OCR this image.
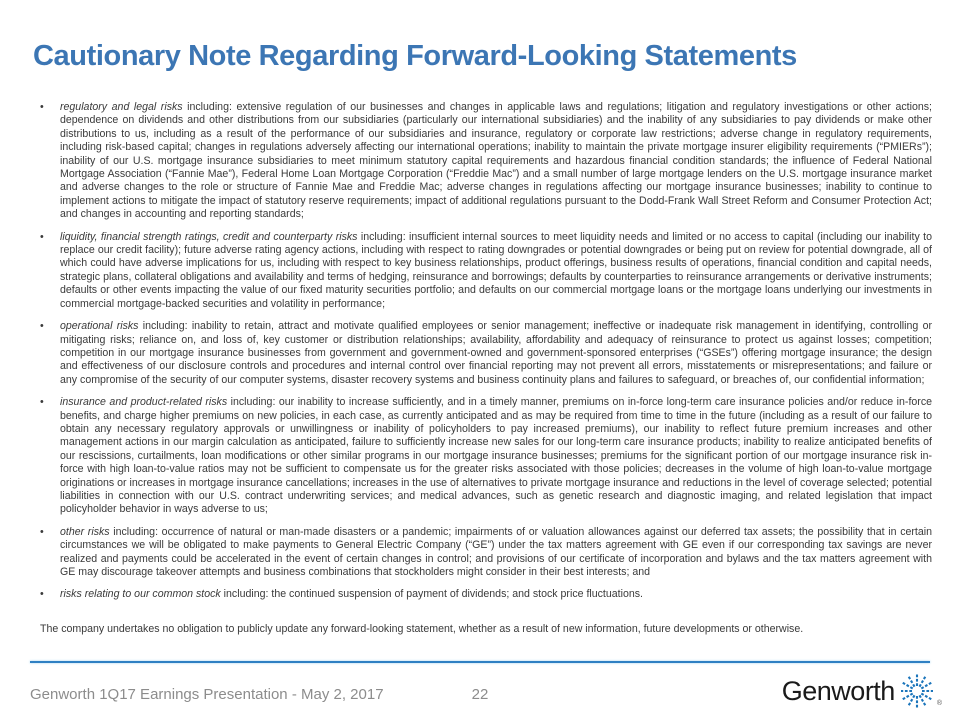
Cautionary Note Regarding Forward-Looking Statements
•	regulatory and legal risks including: extensive regulation of our businesses and changes in applicable laws and regulations; litigation and regulatory investigations or other actions; dependence on dividends and other distributions from our subsidiaries (particularly our international subsidiaries) and the inability of any subsidiaries to pay dividends or make other distributions to us, including as a result of the performance of our subsidiaries and insurance, regulatory or corporate law restrictions; adverse change in regulatory requirements, including risk-based capital; changes in regulations adversely affecting our international operations; inability to maintain the private mortgage insurer eligibility requirements (“PMIERs”); inability of our U.S. mortgage insurance subsidiaries to meet minimum statutory capital requirements and hazardous financial condition standards; the influence of Federal National Mortgage Association (“Fannie Mae”), Federal Home Loan Mortgage Corporation (“Freddie Mac”) and a small number of large mortgage lenders on the U.S. mortgage insurance market and adverse changes to the role or structure of Fannie Mae and Freddie Mac; adverse changes in regulations affecting our mortgage insurance businesses; inability to continue to implement actions to mitigate the impact of statutory reserve requirements; impact of additional regulations pursuant to the Dodd-Frank Wall Street Reform and Consumer Protection Act; and changes in accounting and reporting standards;

•	liquidity, financial strength ratings, credit and counterparty risks including: insufficient internal sources to meet liquidity needs and limited or no access to capital (including our inability to replace our credit facility); future adverse rating agency actions, including with respect to rating downgrades or potential downgrades or being put on review for potential downgrade, all of which could have adverse implications for us, including with respect to key business relationships, product offerings, business results of operations, financial condition and capital needs, strategic plans, collateral obligations and availability and terms of hedging, reinsurance and borrowings; defaults by counterparties to reinsurance arrangements or derivative instruments; defaults or other events impacting the value of our fixed maturity securities portfolio; and defaults on our commercial mortgage loans or the mortgage loans underlying our investments in commercial mortgage-backed securities and volatility in performance;

•	operational risks including: inability to retain, attract and motivate qualified employees or senior management; ineffective or inadequate risk management in identifying, controlling or mitigating risks; reliance on, and loss of, key customer or distribution relationships; availability, affordability and adequacy of reinsurance to protect us against losses; competition; competition in our mortgage insurance businesses from government and government-owned and government-sponsored enterprises (“GSEs”) offering mortgage insurance; the design and effectiveness of our disclosure controls and procedures and internal control over financial reporting may not prevent all errors, misstatements or misrepresentations; and failure or any compromise of the security of our computer systems, disaster recovery systems and business continuity plans and failures to safeguard, or breaches of, our confidential information;

•	insurance and product-related risks including: our inability to increase sufficiently, and in a timely manner, premiums on in-force long-term care insurance policies and/or reduce in-force benefits, and charge higher premiums on new policies, in each case, as currently anticipated and as may be required from time to time in the future (including as a result of our failure to obtain any necessary regulatory approvals or unwillingness or inability of policyholders to pay increased premiums), our inability to reflect future premium increases and other management actions in our margin calculation as anticipated, failure to sufficiently increase new sales for our long-term care insurance products; inability to realize anticipated benefits of our rescissions, curtailments, loan modifications or other similar programs in our mortgage insurance businesses; premiums for the significant portion of our mortgage insurance risk in-force with high loan-to-value ratios may not be sufficient to compensate us for the greater risks associated with those policies; decreases in the volume of high loan-to-value mortgage originations or increases in mortgage insurance cancellations; increases in the use of alternatives to private mortgage insurance and reductions in the level of coverage selected; potential liabilities in connection with our U.S. contract underwriting services; and medical advances, such as genetic research and diagnostic imaging, and related legislation that impact policyholder behavior in ways adverse to us;

•	other risks including: occurrence of natural or man-made disasters or a pandemic; impairments of or valuation allowances against our deferred tax assets; the possibility that in certain circumstances we will be obligated to make payments to General Electric Company (“GE”) under the tax matters agreement with GE even if our corresponding tax savings are never realized and payments could be accelerated in the event of certain changes in control; and provisions of our certificate of incorporation and bylaws and the tax matters agreement with GE may discourage takeover attempts and business combinations that stockholders might consider in their best interests; and

•	risks relating to our common stock including: the continued suspension of payment of dividends; and stock price fluctuations.

The company undertakes no obligation to publicly update any forward-looking statement, whether as a result of new information, future developments or otherwise.

Genworth 1Q17 Earnings Presentation - May 2, 2017	22	Genworth	®
